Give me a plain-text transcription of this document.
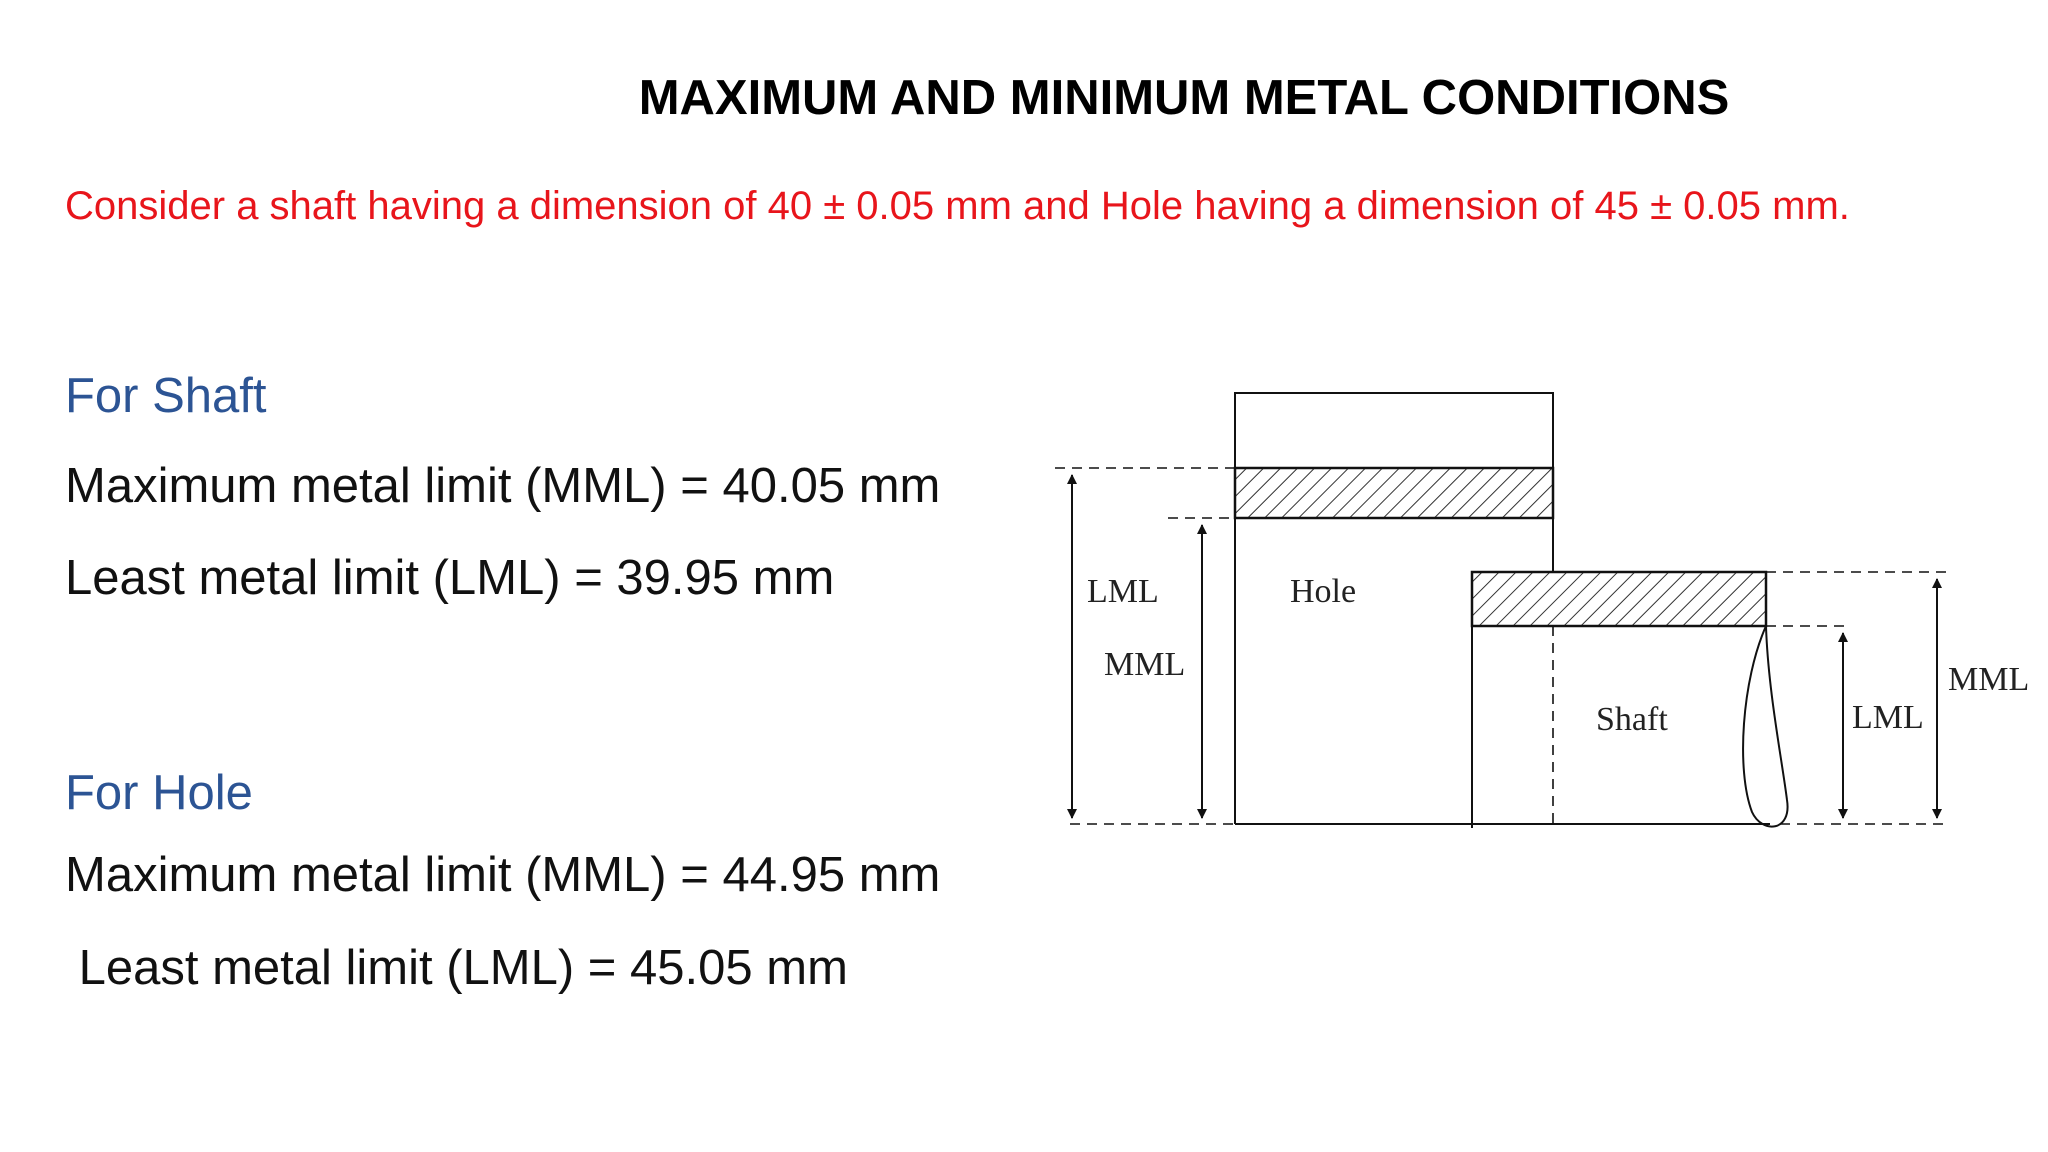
MAXIMUM AND MINIMUM METAL CONDITIONS
Consider a shaft having a dimension of 40 ± 0.05 mm and Hole having a dimension of 45 ± 0.05 mm.
For Shaft
Maximum metal limit (MML) = 40.05 mm
Least metal limit (LML) = 39.95 mm
For Hole
Maximum metal limit (MML) = 44.95 mm
Least metal limit (LML) = 45.05 mm
LML
MML
Hole
Shaft	LML
MML
